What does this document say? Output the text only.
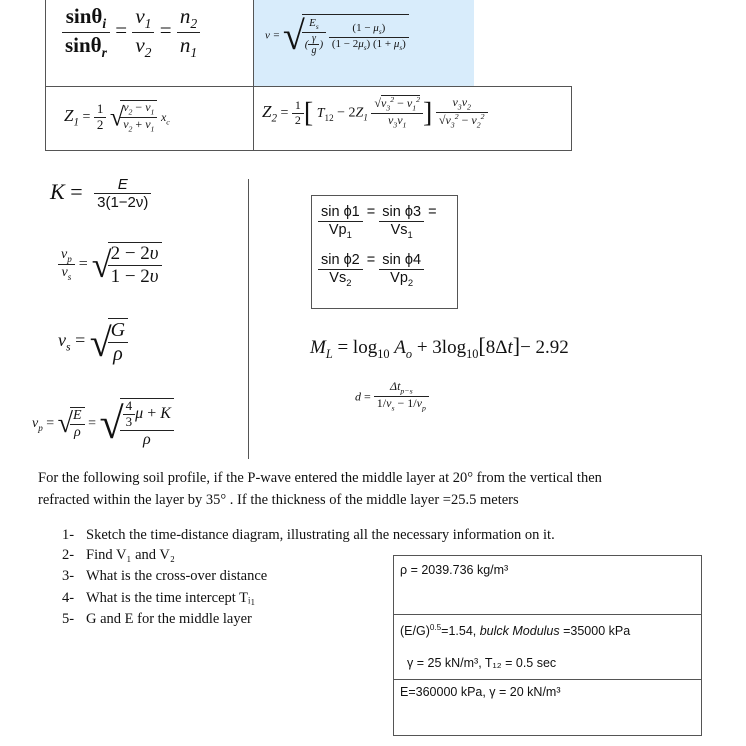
$\frac{\sin\theta_i}{\sin\theta_r} = \frac{v_1}{v_2} = \frac{n_2}{n_1}$	v = √
$\frac{E_s}{( \frac{\gamma}{g} )}$
$\frac{(1 - \mu_s)}{(1 - 2\mu_s) (1 + \mu_s)}$
$Z_1 = \frac{1}{2}$ √
$\frac{v_2 - v_1}{v_2 + v_1} x_c$
$Z_2 = \frac{1}{2}$ [ $T_{12} - 2Z_1 \frac{√v_3^2 - v_1^2}{v_3v_1}$ ] $\frac{v_3v_2}{√v_3^2 - v_2^2}$
$K = \frac{E}{3(1-2\nu)}$
$\frac{v_p}{v_s}$ = √
$\frac{2 - 2\upsilon}{1 - 2\upsilon}$
$v_s$ = √
$\frac{G}{\rho}$
$v_p$ = √
$\frac{E}{\rho}$ = √
$\frac{\frac{4}{3} \mu + K}{\rho}$
$\frac{\text{sin ϕ1}}{Vp_1} = \frac{\text{sin ϕ3}}{Vs_1}$ =
$\frac{\text{sin ϕ2}}{Vs_2} = \frac{\text{sin ϕ4}}{Vp_2}$
$M_L = \log_{10} A_o + 3\log_{10}[8\Delta t]- 2.92$
d =
$\Delta t_{p-s}$
$1/v_s - 1/v_p$
For the following soil profile, if the P-wave entered the middle layer at 20° from the vertical then
refracted within the layer by 35° . If the thickness of the middle layer =25.5 meters
1- Sketch the time-distance diagram, illustrating all the necessary information on it.
2- Find V₁ and V₂
3- What is the cross-over distance
4- What is the time intercept Tᵢ₁
5- G and E for the middle layer
ρ = 2039.736 kg/m³
$(E/G)^{0.5}=1.54$, bulck Modulus =35000 kPa
γ = 25 kN/m³, T₁₂ = 0.5 sec
E=360000 kPa, γ = 20 kN/m³
